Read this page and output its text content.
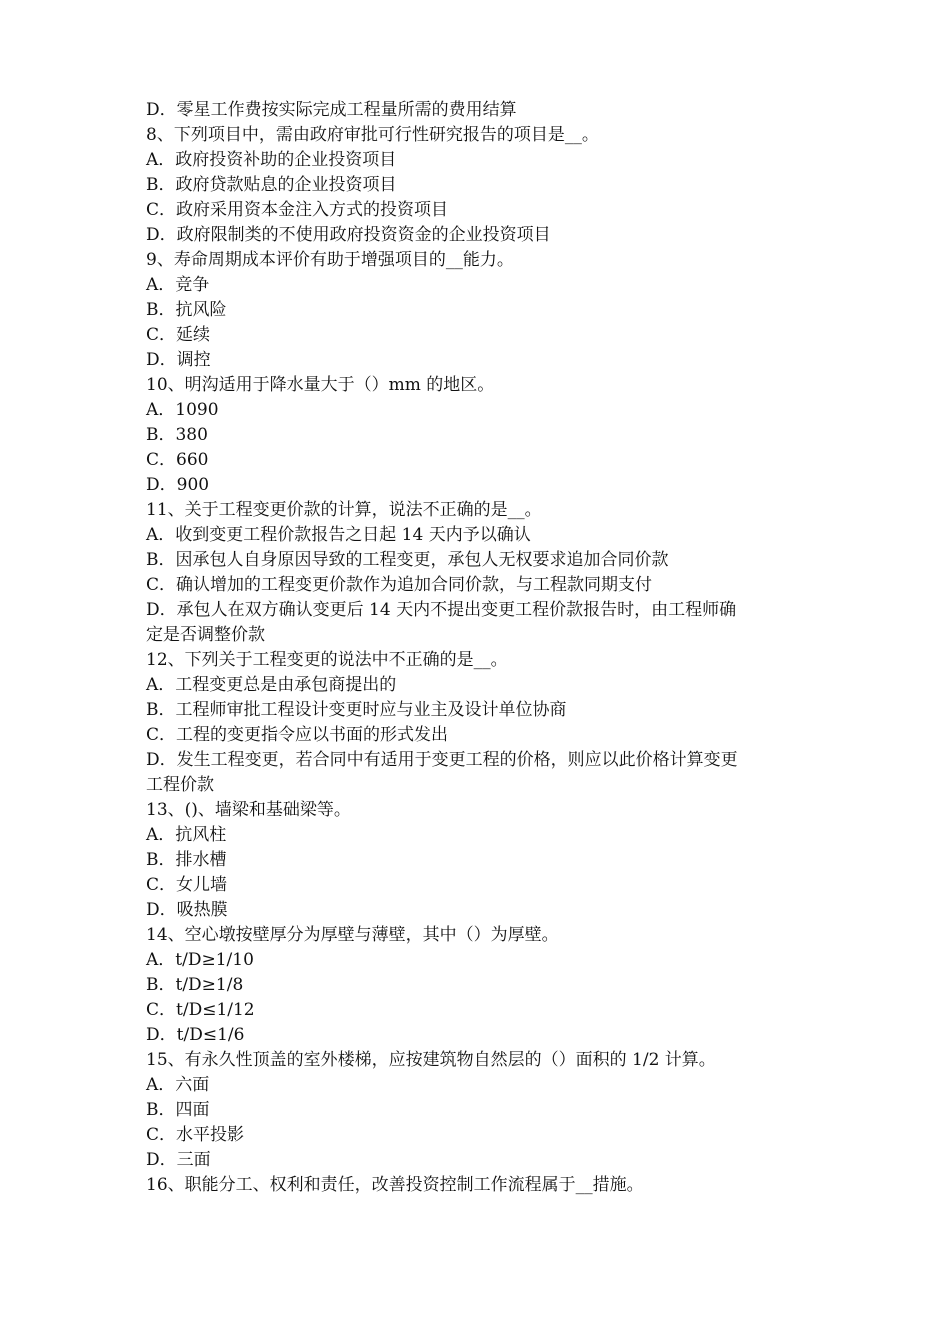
D．零星工作费按实际完成工程量所需的费用结算
8、下列项目中，需由政府审批可行性研究报告的项目是__。
A．政府投资补助的企业投资项目
B．政府贷款贴息的企业投资项目
C．政府采用资本金注入方式的投资项目
D．政府限制类的不使用政府投资资金的企业投资项目
9、寿命周期成本评价有助于增强项目的__能力。
A．竞争
B．抗风险
C．延续
D．调控
10、明沟适用于降水量大于（）mm 的地区。
A．1090
B．380
C．660
D．900
11、关于工程变更价款的计算，说法不正确的是__。
A．收到变更工程价款报告之日起 14 天内予以确认
B．因承包人自身原因导致的工程变更，承包人无权要求追加合同价款
C．确认增加的工程变更价款作为追加合同价款，与工程款同期支付
D．承包人在双方确认变更后 14 天内不提出变更工程价款报告时，由工程师确
定是否调整价款
12、下列关于工程变更的说法中不正确的是__。
A．工程变更总是由承包商提出的
B．工程师审批工程设计变更时应与业主及设计单位协商
C．工程的变更指令应以书面的形式发出
D．发生工程变更，若合同中有适用于变更工程的价格，则应以此价格计算变更
工程价款
13、()、墙梁和基础梁等。
A．抗风柱
B．排水槽
C．女儿墙
D．吸热膜
14、空心墩按壁厚分为厚壁与薄壁，其中（）为厚壁。
A．t/D≥1/10
B．t/D≥1/8
C．t/D≤1/12
D．t/D≤1/6
15、有永久性顶盖的室外楼梯，应按建筑物自然层的（）面积的 1/2 计算。
A．六面
B．四面
C．水平投影
D．三面
16、职能分工、权利和责任，改善投资控制工作流程属于__措施。
